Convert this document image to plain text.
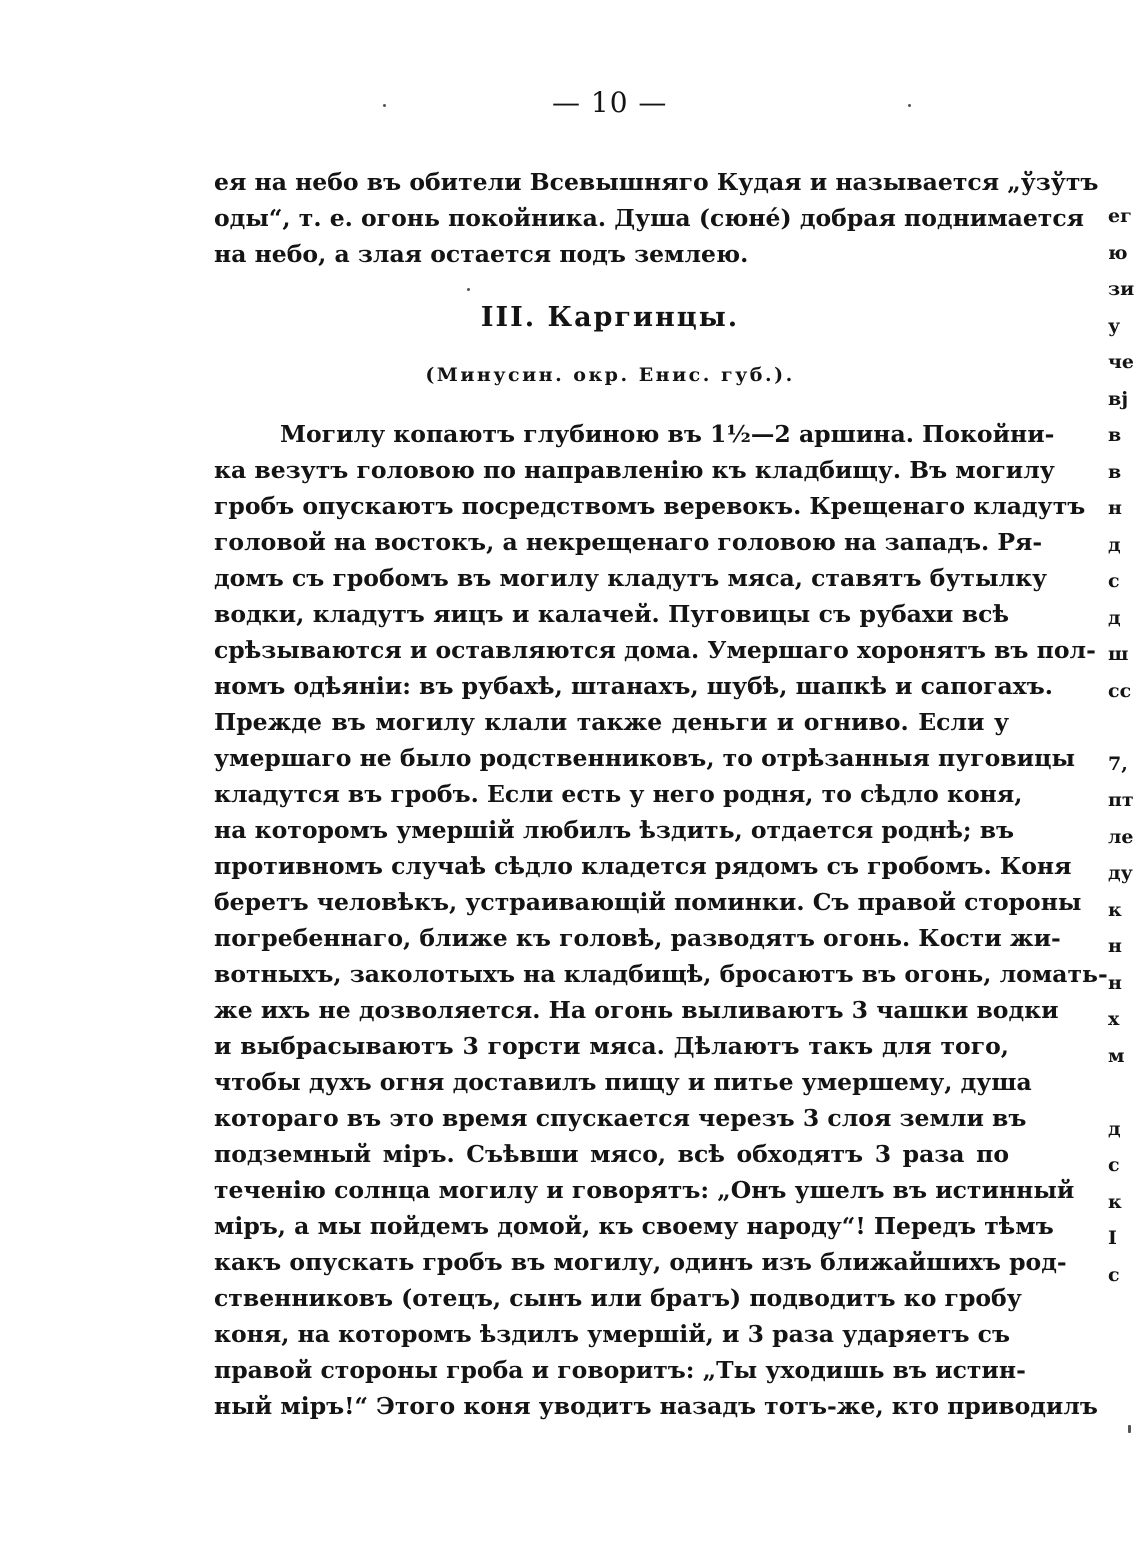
— 10 —
ея на небо въ обители Всевышняго Кудая и называется „ўзўтъ
оды“, т. е. огонь покойника. Душа (сюне́) добрая поднимается
на небо, а злая остается подъ землею.
III. Каргинцы.
(Минусин. окр. Енис. губ.).
Могилу копаютъ глубиною въ 1½—2 аршина. Покойни-
ка везутъ головою по направленію къ кладбищу. Въ могилу
гробъ опускаютъ посредствомъ веревокъ. Крещенаго кладутъ
головой на востокъ, а некрещенаго головою на западъ. Ря-
домъ съ гробомъ въ могилу кладутъ мяса, ставятъ бутылку
водки, кладутъ яицъ и калачей. Пуговицы съ рубахи всѣ
срѣзываются и оставляются дома. Умершаго хоронятъ въ пол-
номъ одѣяніи: въ рубахѣ, штанахъ, шубѣ, шапкѣ и сапогахъ.
Прежде въ могилу клали также деньги и огниво. Если у
умершаго не было родственниковъ, то отрѣзанныя пуговицы
кладутся въ гробъ. Если есть у него родня, то сѣдло коня,
на которомъ умершій любилъ ѣздить, отдается роднѣ; въ
противномъ случаѣ сѣдло кладется рядомъ съ гробомъ. Коня
беретъ человѣкъ, устраивающій поминки. Съ правой стороны
погребеннаго, ближе къ головѣ, разводятъ огонь. Кости жи-
вотныхъ, заколотыхъ на кладбищѣ, бросаютъ въ огонь, ломать-
же ихъ не дозволяется. На огонь выливаютъ 3 чашки водки
и выбрасываютъ 3 горсти мяса. Дѣлаютъ такъ для того,
чтобы духъ огня доставилъ пищу и питье умершему, душа
котораго въ это время спускается черезъ 3 слоя земли въ
подземный міръ. Съѣвши мясо, всѣ обходятъ 3 раза по
теченію солнца могилу и говорятъ: „Онъ ушелъ въ истинный
міръ, а мы пойдемъ домой, къ своему народу“! Передъ тѣмъ
какъ опускать гробъ въ могилу, одинъ изъ ближайшихъ род-
ственниковъ (отецъ, сынъ или братъ) подводитъ ко гробу
коня, на которомъ ѣздилъ умершій, и 3 раза ударяетъ съ
правой стороны гроба и говоритъ: „Ты уходишь въ истин-
ный міръ!“ Этого коня уводитъ назадъ тотъ-же, кто приводилъ
ег
ю
зи
у
че
вј
в
в
н
д
с
д
ш
сс
7,
пт
ле
ду
к
н
н
х
м
д
с
к
І
с
